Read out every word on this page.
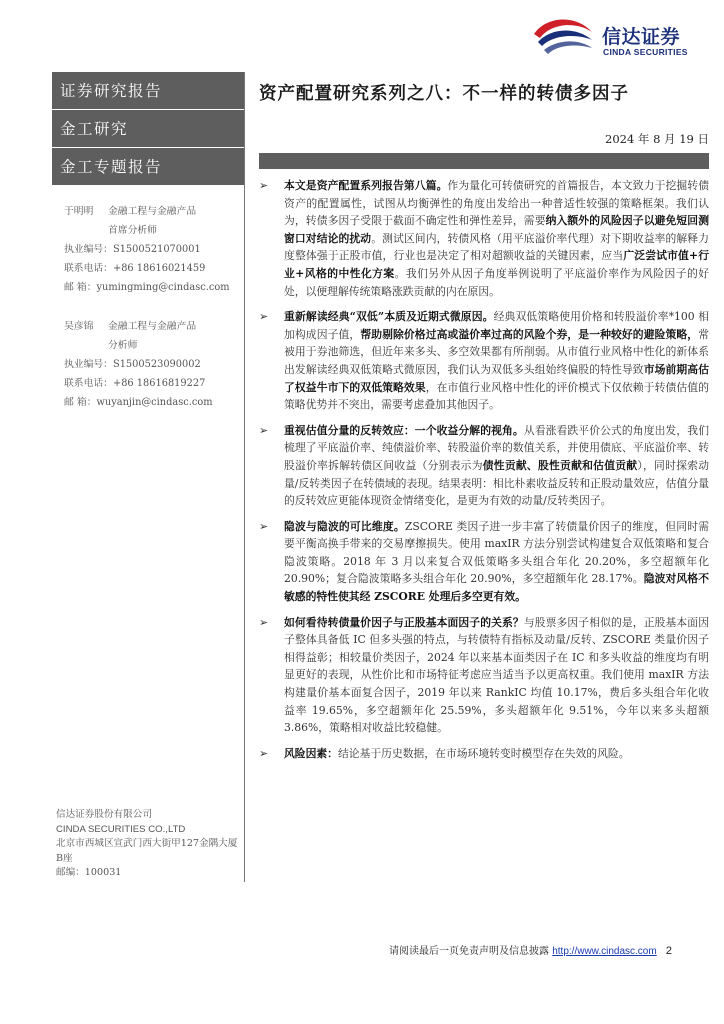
信达证券
CINDA SECURITIES
证券研究报告
金工研究
金工专题报告
于明明 金融工程与金融产品
首席分析师
执业编号：S1500521070001
联系电话：+86 18616021459
邮 箱：yumingming@cindasc.com
吴彦锦 金融工程与金融产品
分析师
执业编号：S1500523090002
联系电话：+86 18616819227
邮 箱：wuyanjin@cindasc.com
信达证券股份有限公司
CINDA SECURITIES CO.,LTD
北京市西城区宣武门西大街甲127金隅大厦
B座
邮编：100031
资产配置研究系列之八：不一样的转债多因子
2024 年 8 月 19 日
➢ 本文是资产配置系列报告第八篇。作为量化可转债研究的首篇报告，本文致力于挖掘转债资产的配置属性，试图从均衡弹性的角度出发给出一种普适性较强的策略框架。我们认为，转债多因子受限于截面不确定性和弹性差异，需要纳入额外的风险因子以避免短回测窗口对结论的扰动。测试区间内，转债风格（用平底溢价率代理）对下期收益率的解释力度整体强于正股市值，行业也是决定了相对超额收益的关键因素，应当广泛尝试市值+行业+风格的中性化方案。我们另外从因子角度举例说明了平底溢价率作为风险因子的好处，以便理解传统策略涨跌贡献的内在原因。
➢ 重新解读经典“双低”本质及近期式微原因。经典双低策略使用价格和转股溢价率*100 相加构成因子值，帮助剔除价格过高或溢价率过高的风险个券，是一种较好的避险策略，常被用于券池筛选，但近年来多头、多空效果都有所削弱。从市值行业风格中性化的新体系出发解读经典双低策略式微原因，我们认为双低多头组始终偏股的特性导致市场前期高估了权益牛市下的双低策略效果，在市值行业风格中性化的评价模式下仅依赖于转债估值的策略优势并不突出，需要考虑叠加其他因子。
➢ 重视估值分量的反转效应：一个收益分解的视角。从看涨看跌平价公式的角度出发，我们梳理了平底溢价率、纯债溢价率、转股溢价率的数值关系，并使用债底、平底溢价率、转股溢价率拆解转债区间收益（分别表示为债性贡献、股性贡献和估值贡献），同时探索动量/反转类因子在转债域的表现。结果表明：相比朴素收益反转和正股动量效应，估值分量的反转效应更能体现资金情绪变化，是更为有效的动量/反转类因子。
➢ 隐波与隐波的可比维度。ZSCORE 类因子进一步丰富了转债量价因子的维度，但同时需要平衡高换手带来的交易摩擦损失。使用 maxIR 方法分别尝试构建复合双低策略和复合隐波策略。2018 年 3 月以来复合双低策略多头组合年化 20.20%，多空超额年化 20.90%；复合隐波策略多头组合年化 20.90%，多空超额年化 28.17%。隐波对风格不敏感的特性使其经 ZSCORE 处理后多空更有效。
➢ 如何看待转债量价因子与正股基本面因子的关系？与股票多因子相似的是，正股基本面因子整体具备低 IC 但多头强的特点，与转债特有指标及动量/反转、ZSCORE 类量价因子相得益彰；相较量价类因子，2024 年以来基本面类因子在 IC 和多头收益的维度均有明显更好的表现，从性价比和市场特征考虑应当适当予以更高权重。我们使用 maxIR 方法构建量价基本面复合因子，2019 年以来 RankIC 均值 10.17%，费后多头组合年化收益率 19.65%，多空超额年化 25.59%，多头超额年化 9.51%，今年以来多头超额 3.86%，策略相对收益比较稳健。
➢ 风险因素：结论基于历史数据，在市场环境转变时模型存在失效的风险。
请阅读最后一页免责声明及信息披露 http://www.cindasc.com 2
